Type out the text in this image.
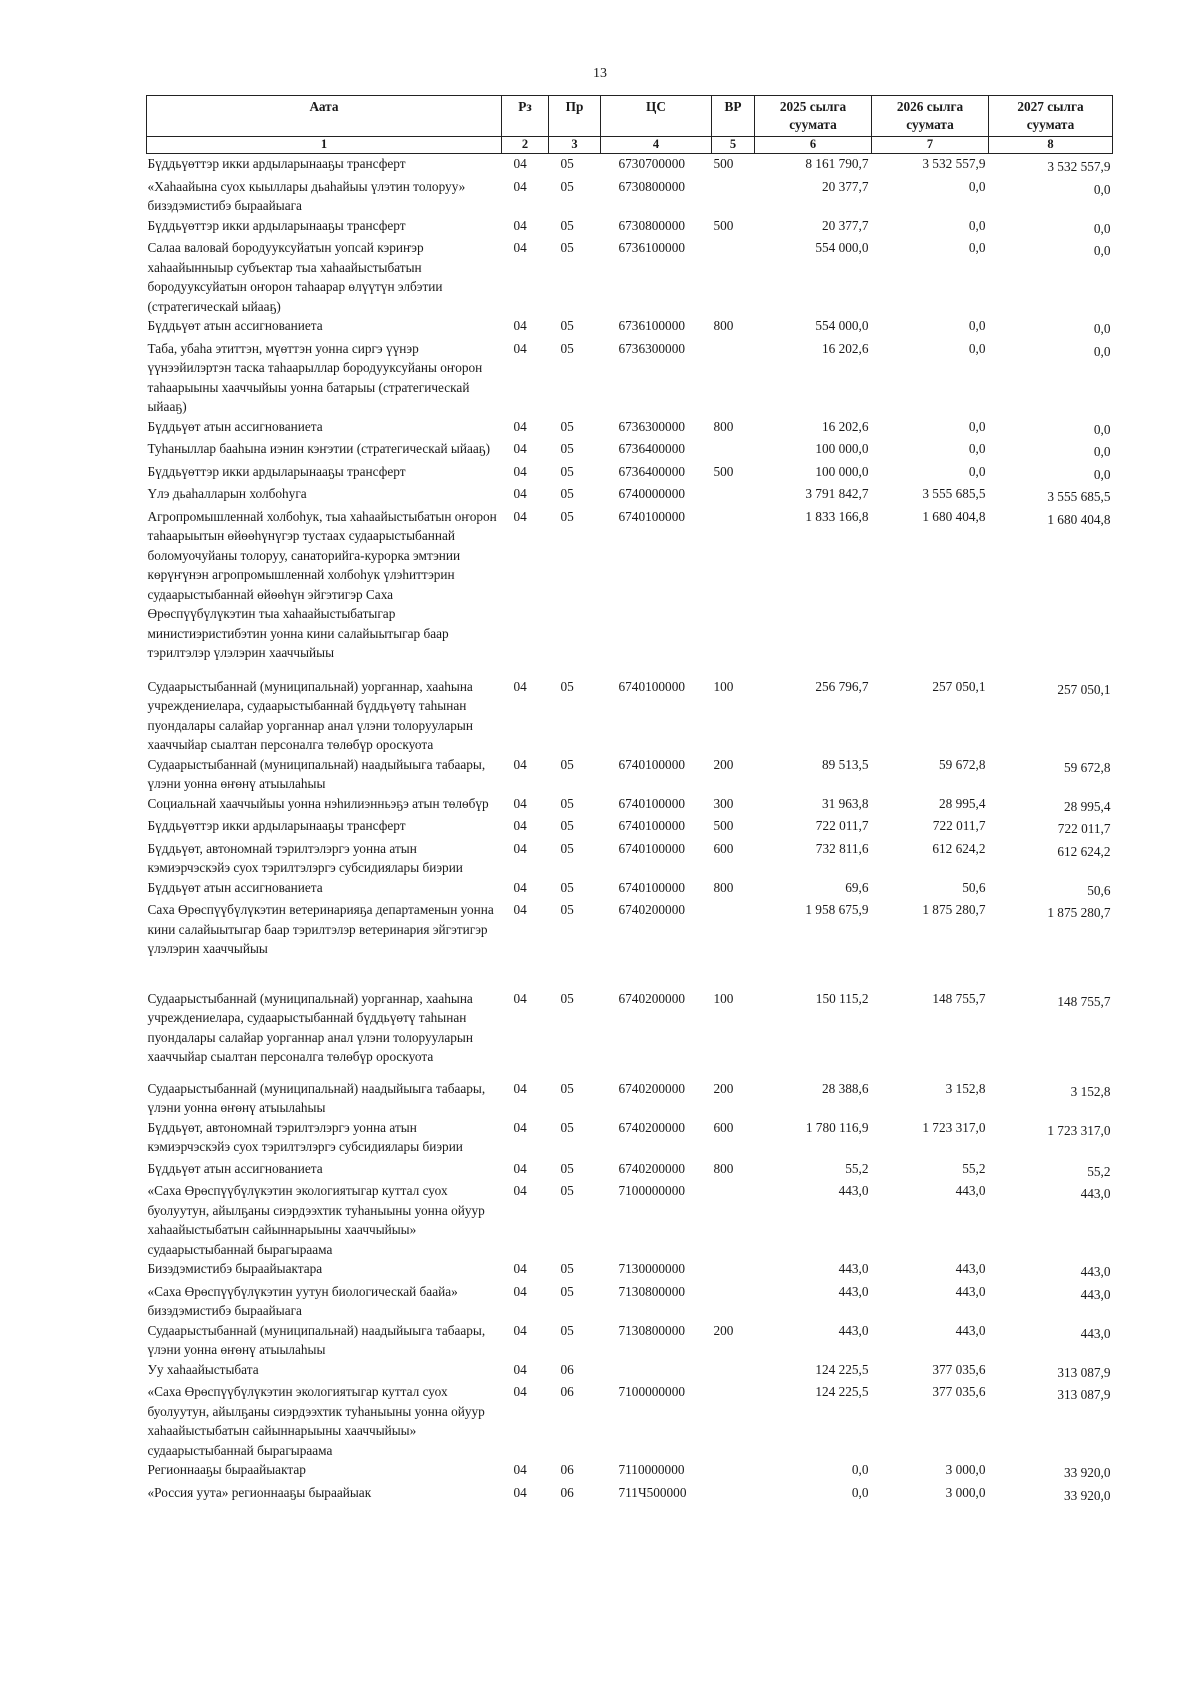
13
Аата	Рз	Пр	ЦС	ВР	2025 сылга суумата	2026 сылга суумата	2027 сылга суумата
1	2	3	4	5	6	7	8
Бүддьүөттэр икки ардыларынааҕы трансферт	04	05	6730700000	500	8 161 790,7	3 532 557,9	3 532 557,9
«Хаһаайына суох кыыллары дьаһайыы үлэтин толоруу» бизэдэмистибэ быраайыага	04	05	6730800000		20 377,7	0,0	0,0
Бүддьүөттэр икки ардыларынааҕы трансферт	04	05	6730800000	500	20 377,7	0,0	0,0
Салаа валовай бородууксуйатын уопсай кэриҥэр хаһаайынныыр субъектар тыа хаһаайыстыбатын бородууксуйатын оҥорон таһаарар өлүүтүн элбэтии (стратегическай ыйааҕ)	04	05	6736100000		554 000,0	0,0	0,0
Бүддьүөт атын ассигнованиета	04	05	6736100000	800	554 000,0	0,0	0,0
Таба, убаһа этиттэн, мүөттэн уонна сиргэ үүнэр үүнээйилэртэн таска таһаарыллар бородууксуйаны оҥорон таһаарыыны хааччыйыы уонна батарыы (стратегическай ыйааҕ)	04	05	6736300000		16 202,6	0,0	0,0
Бүддьүөт атын ассигнованиета	04	05	6736300000	800	16 202,6	0,0	0,0
Туһаныллар бааһына иэнин кэҥэтии (стратегическай ыйааҕ)	04	05	6736400000		100 000,0	0,0	0,0
Бүддьүөттэр икки ардыларынааҕы трансферт	04	05	6736400000	500	100 000,0	0,0	0,0
Үлэ дьаһалларын холбоһуга	04	05	6740000000		3 791 842,7	3 555 685,5	3 555 685,5
Агропромышленнай холбоһук, тыа хаһаайыстыбатын оҥорон таһаарыытын өйөөһүнүгэр тустаах судаарыстыбаннай боломуочуйаны толоруу, санаторийга-курорка эмтэнии көрүҥүнэн агропромышленнай холбоһук үлэһиттэрин судаарыстыбаннай өйөөһүн эйгэтигэр Саха Өрөспүүбүлүкэтин тыа хаһаайыстыбатыгар министиэристибэтин уонна кини салайыытыгар баар тэрилтэлэр үлэлэрин хааччыйыы	04	05	6740100000		1 833 166,8	1 680 404,8	1 680 404,8
Судаарыстыбаннай (муниципальнай) уорганнар, хааһына учреждениелара, судаарыстыбаннай бүддьүөтү таһынан пуондалары салайар уорганнар анал үлэни толорууларын хааччыйар сыалтан персоналга төлөбүр ороскуота	04	05	6740100000	100	256 796,7	257 050,1	257 050,1
Судаарыстыбаннай (муниципальнай) наадыйыыга табаары, үлэни уонна өҥөнү атыылаһыы	04	05	6740100000	200	89 513,5	59 672,8	59 672,8
Социальнай хааччыйыы уонна нэһилиэнньэҕэ атын төлөбүр	04	05	6740100000	300	31 963,8	28 995,4	28 995,4
Бүддьүөттэр икки ардыларынааҕы трансферт	04	05	6740100000	500	722 011,7	722 011,7	722 011,7
Бүддьүөт, автономнай тэрилтэлэргэ уонна атын кэмиэрчэскэйэ суох тэрилтэлэргэ субсидиялары биэрии	04	05	6740100000	600	732 811,6	612 624,2	612 624,2
Бүддьүөт атын ассигнованиета	04	05	6740100000	800	69,6	50,6	50,6
Саха Өрөспүүбүлүкэтин ветеринарияҕа департаменын уонна кини салайыытыгар баар тэрилтэлэр ветеринария эйгэтигэр үлэлэрин хааччыйыы	04	05	6740200000		1 958 675,9	1 875 280,7	1 875 280,7
Судаарыстыбаннай (муниципальнай) уорганнар, хааһына учреждениелара, судаарыстыбаннай бүддьүөтү таһынан пуондалары салайар уорганнар анал үлэни толорууларын хааччыйар сыалтан персоналга төлөбүр ороскуота	04	05	6740200000	100	150 115,2	148 755,7	148 755,7
Судаарыстыбаннай (муниципальнай) наадыйыыга табаары, үлэни уонна өҥөнү атыылаһыы	04	05	6740200000	200	28 388,6	3 152,8	3 152,8
Бүддьүөт, автономнай тэрилтэлэргэ уонна атын кэмиэрчэскэйэ суох тэрилтэлэргэ субсидиялары биэрии	04	05	6740200000	600	1 780 116,9	1 723 317,0	1 723 317,0
Бүддьүөт атын ассигнованиета	04	05	6740200000	800	55,2	55,2	55,2
«Саха Өрөспүүбүлүкэтин экологиятыгар куттал суох буолуутун, айылҕаны сиэрдээхтик туһаныыны уонна ойуур хаһаайыстыбатын сайыннарыыны хааччыйыы» судаарыстыбаннай бырагыраама	04	05	7100000000		443,0	443,0	443,0
Бизэдэмистибэ быраайыактара	04	05	7130000000		443,0	443,0	443,0
«Саха Өрөспүүбүлүкэтин уутун биологическай баайа» бизэдэмистибэ быраайыага	04	05	7130800000		443,0	443,0	443,0
Судаарыстыбаннай (муниципальнай) наадыйыыга табаары, үлэни уонна өҥөнү атыылаһыы	04	05	7130800000	200	443,0	443,0	443,0
Уу хаһаайыстыбата	04	06			124 225,5	377 035,6	313 087,9
«Саха Өрөспүүбүлүкэтин экологиятыгар куттал суох буолуутун, айылҕаны сиэрдээхтик туһаныыны уонна ойуур хаһаайыстыбатын сайыннарыыны хааччыйыы» судаарыстыбаннай бырагыраама	04	06	7100000000		124 225,5	377 035,6	313 087,9
Регионнааҕы быраайыактар	04	06	7110000000		0,0	3 000,0	33 920,0
«Россия уута» регионнааҕы быраайыак	04	06	711Ч500000		0,0	3 000,0	33 920,0
